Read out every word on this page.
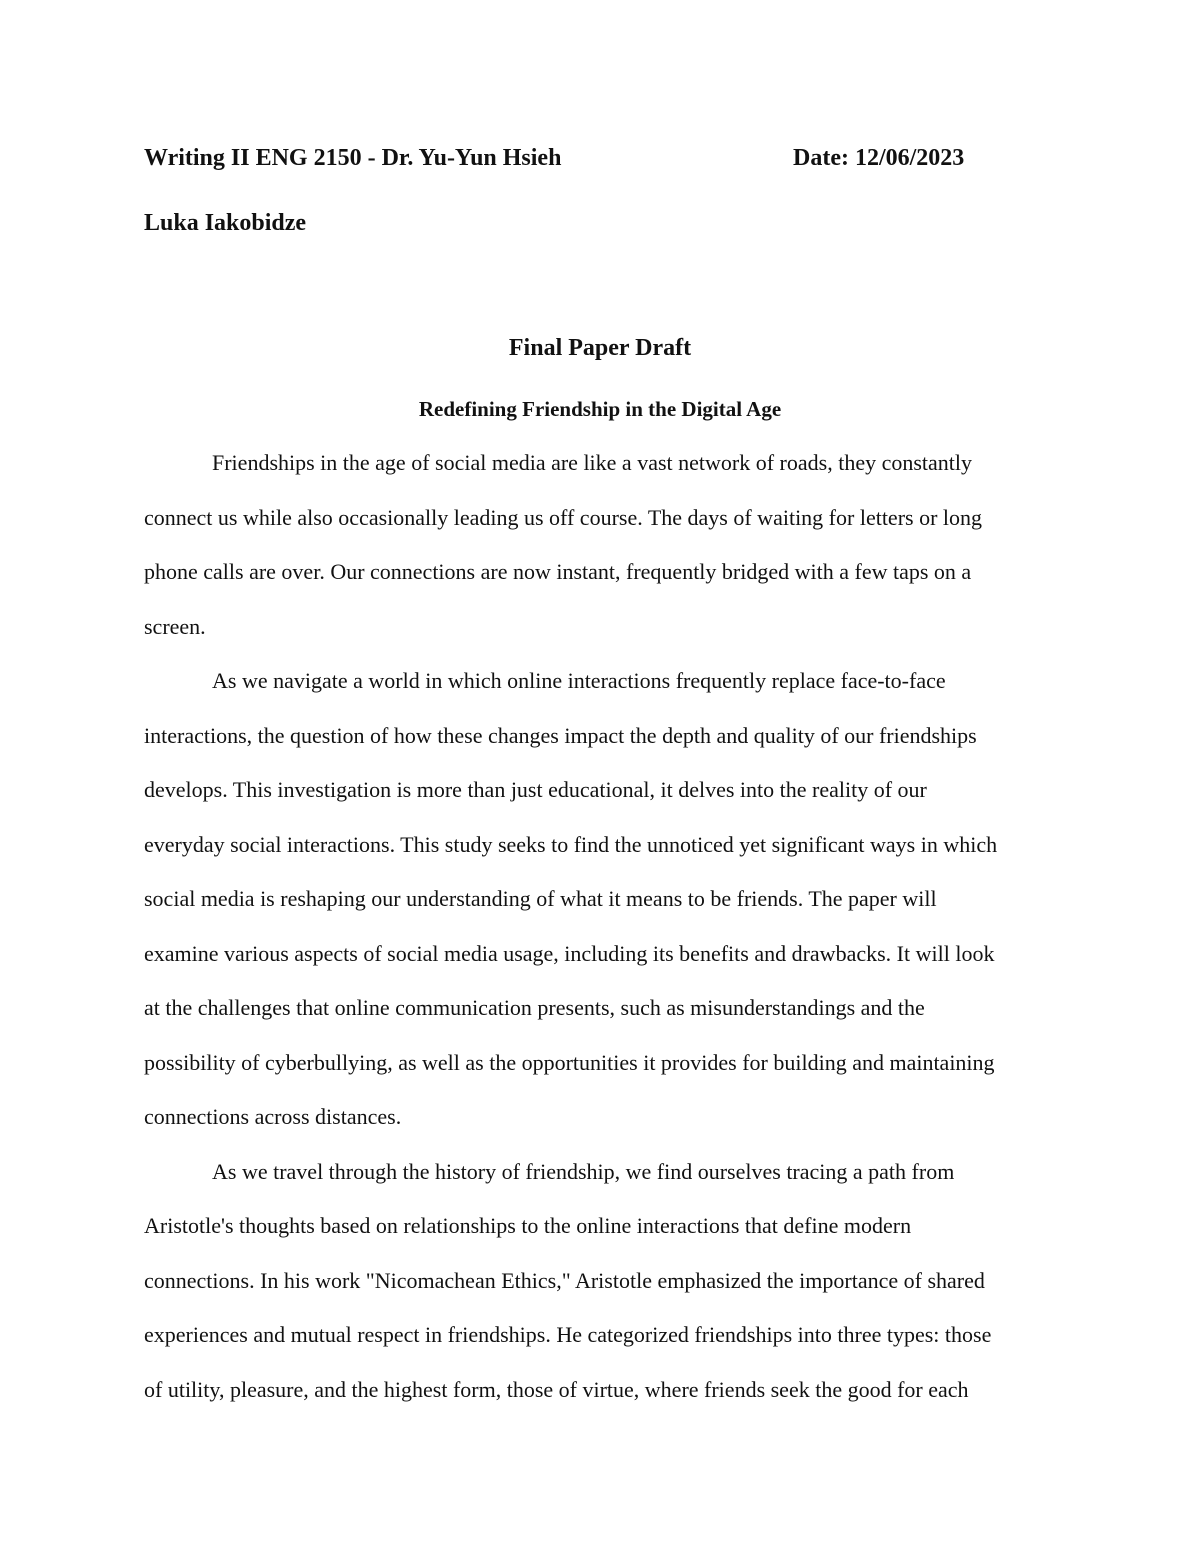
Writing II ENG 2150 - Dr. Yu-Yun Hsieh	Date: 12/06/2023
Luka Iakobidze
Final Paper Draft
Redefining Friendship in the Digital Age
Friendships in the age of social media are like a vast network of roads, they constantly
connect us while also occasionally leading us off course. The days of waiting for letters or long
phone calls are over. Our connections are now instant, frequently bridged with a few taps on a
screen.
As we navigate a world in which online interactions frequently replace face-to-face
interactions, the question of how these changes impact the depth and quality of our friendships
develops. This investigation is more than just educational, it delves into the reality of our
everyday social interactions. This study seeks to find the unnoticed yet significant ways in which
social media is reshaping our understanding of what it means to be friends. The paper will
examine various aspects of social media usage, including its benefits and drawbacks. It will look
at the challenges that online communication presents, such as misunderstandings and the
possibility of cyberbullying, as well as the opportunities it provides for building and maintaining
connections across distances.
As we travel through the history of friendship, we find ourselves tracing a path from
Aristotle's thoughts based on relationships to the online interactions that define modern
connections. In his work "Nicomachean Ethics," Aristotle emphasized the importance of shared
experiences and mutual respect in friendships. He categorized friendships into three types: those
of utility, pleasure, and the highest form, those of virtue, where friends seek the good for each
